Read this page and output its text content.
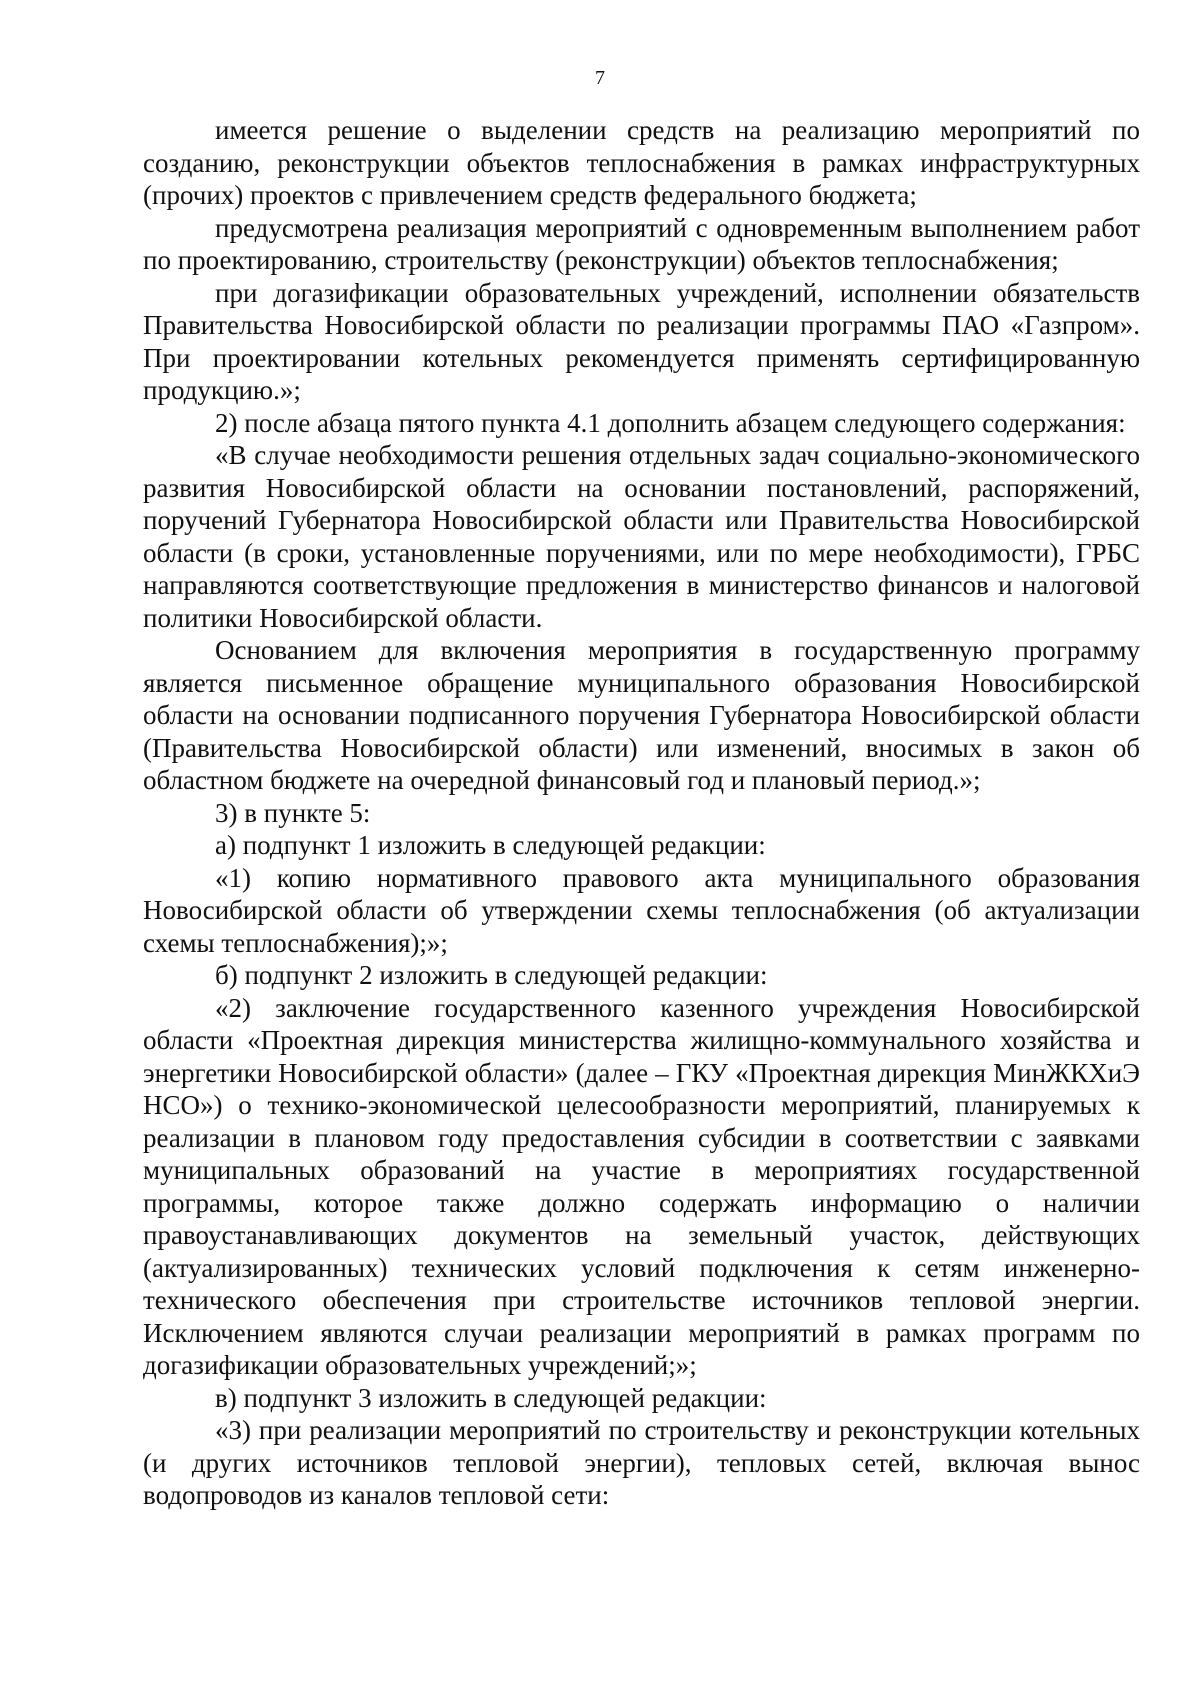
7

имеется решение о выделении средств на реализацию мероприятий по созданию, реконструкции объектов теплоснабжения в рамках инфраструктурных (прочих) проектов с привлечением средств федерального бюджета;

предусмотрена реализация мероприятий с одновременным выполнением работ по проектированию, строительству (реконструкции) объектов теплоснабжения;

при догазификации образовательных учреждений, исполнении обязательств Правительства Новосибирской области по реализации программы ПАО «Газпром». При проектировании котельных рекомендуется применять сертифицированную продукцию.»;

2) после абзаца пятого пункта 4.1 дополнить абзацем следующего содержания:

«В случае необходимости решения отдельных задач социально-экономического развития Новосибирской области на основании постановлений, распоряжений, поручений Губернатора Новосибирской области или Правительства Новосибирской области (в сроки, установленные поручениями, или по мере необходимости), ГРБС направляются соответствующие предложения в министерство финансов и налоговой политики Новосибирской области.

Основанием для включения мероприятия в государственную программу является письменное обращение муниципального образования Новосибирской области на основании подписанного поручения Губернатора Новосибирской области (Правительства Новосибирской области) или изменений, вносимых в закон об областном бюджете на очередной финансовый год и плановый период.»;

3) в пункте 5:

а) подпункт 1 изложить в следующей редакции:

«1) копию нормативного правового акта муниципального образования Новосибирской области об утверждении схемы теплоснабжения (об актуализации схемы теплоснабжения);»;

б) подпункт 2 изложить в следующей редакции:

«2) заключение государственного казенного учреждения Новосибирской области «Проектная дирекция министерства жилищно-коммунального хозяйства и энергетики Новосибирской области» (далее – ГКУ «Проектная дирекция МинЖКХиЭ НСО») о технико-экономической целесообразности мероприятий, планируемых к реализации в плановом году предоставления субсидии в соответствии с заявками муниципальных образований на участие в мероприятиях государственной программы, которое также должно содержать информацию о наличии правоустанавливающих документов на земельный участок, действующих (актуализированных) технических условий подключения к сетям инженерно-технического обеспечения при строительстве источников тепловой энергии. Исключением являются случаи реализации мероприятий в рамках программ по догазификации образовательных учреждений;»;

в) подпункт 3 изложить в следующей редакции:

«3) при реализации мероприятий по строительству и реконструкции котельных (и других источников тепловой энергии), тепловых сетей, включая вынос водопроводов из каналов тепловой сети:
